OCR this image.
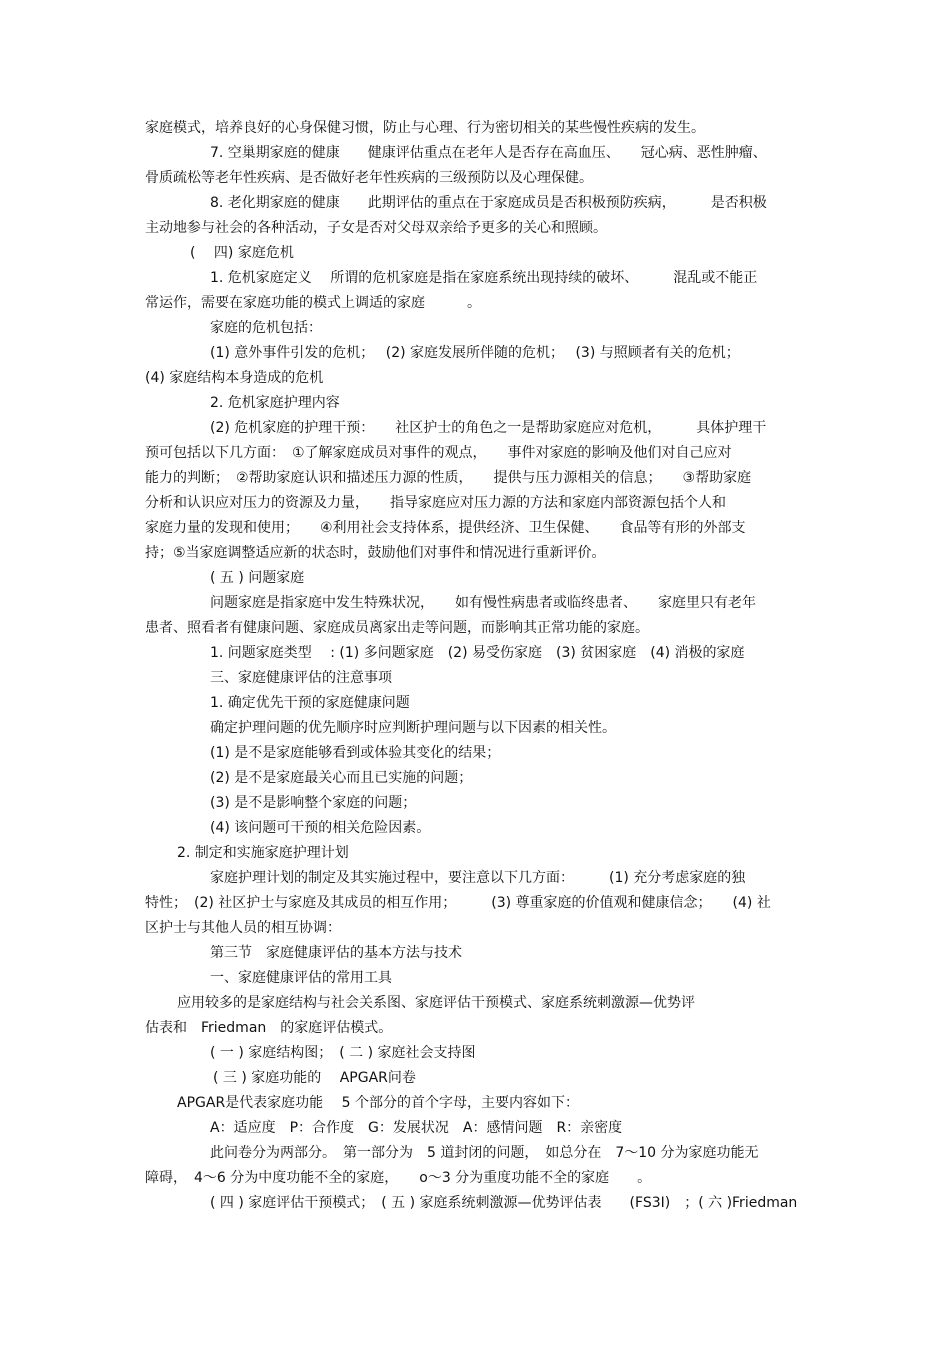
家庭模式，培养良好的心身保健习惯，防止与心理、行为密切相关的某些慢性疾病的发生。
7. 空巢期家庭的健康　　健康评估重点在老年人是否存在高血压、　　冠心病、恶性肿瘤、
骨质疏松等老年性疾病、是否做好老年性疾病的三级预防以及心理保健。
8. 老化期家庭的健康　　此期评估的重点在于家庭成员是否积极预防疾病，　　　是否积极
主动地参与社会的各种活动，子女是否对父母双亲给予更多的关心和照顾。
(　 四) 家庭危机
1. 危机家庭定义　 所谓的危机家庭是指在家庭系统出现持续的破坏、　　　混乱或不能正
常运作，需要在家庭功能的模式上调适的家庭　　　。
家庭的危机包括：
(1) 意外事件引发的危机；　 (2) 家庭发展所伴随的危机；　 (3) 与照顾者有关的危机；
(4) 家庭结构本身造成的危机
2. 危机家庭护理内容
(2) 危机家庭的护理干预：　　社区护士的角色之一是帮助家庭应对危机，　　　具体护理干
预可包括以下几方面：　①了解家庭成员对事件的观点，　　事件对家庭的影响及他们对自己应对
能力的判断；　②帮助家庭认识和描述压力源的性质，　　提供与压力源相关的信息；　　③帮助家庭
分析和认识应对压力的资源及力量，　　指导家庭应对压力源的方法和家庭内部资源包括个人和
家庭力量的发现和使用；　　④利用社会支持体系，提供经济、卫生保健、　　食品等有形的外部支
持；⑤当家庭调整适应新的状态时，鼓励他们对事件和情况进行重新评价。
( 五 ) 问题家庭
问题家庭是指家庭中发生特殊状况，　　如有慢性病患者或临终患者、　　家庭里只有老年
患者、照看者有健康问题、家庭成员离家出走等问题，而影响其正常功能的家庭。
1. 问题家庭类型　 : (1) 多问题家庭　(2) 易受伤家庭　(3) 贫困家庭　(4) 消极的家庭
三、家庭健康评估的注意事项
1. 确定优先干预的家庭健康问题
确定护理问题的优先顺序时应判断护理问题与以下因素的相关性。
(1) 是不是家庭能够看到或体验其变化的结果；
(2) 是不是家庭最关心而且已实施的问题；
(3) 是不是影响整个家庭的问题；
(4) 该问题可干预的相关危险因素。
2. 制定和实施家庭护理计划
家庭护理计划的制定及其实施过程中，要注意以下几方面：　　　(1) 充分考虑家庭的独
特性；　(2) 社区护士与家庭及其成员的相互作用；　　　(3) 尊重家庭的价值观和健康信念；　　(4) 社
区护士与其他人员的相互协调：
第三节　家庭健康评估的基本方法与技术
一、家庭健康评估的常用工具
应用较多的是家庭结构与社会关系图、家庭评估干预模式、家庭系统刺激源—优势评
估表和　Friedman　的家庭评估模式。
( 一 ) 家庭结构图；　( 二 ) 家庭社会支持图
( 三 ) 家庭功能的　 APGAR问卷
APGAR是代表家庭功能　 5 个部分的首个字母，主要内容如下：
A：适应度　P：合作度　G：发展状况　A：感情问题　R：亲密度
此问卷分为两部分。　第一部分为　5 道封闭的问题，　如总分在　7～10 分为家庭功能无
障碍，　4～6 分为中度功能不全的家庭，　　o～3 分为重度功能不全的家庭　　。
( 四 ) 家庭评估干预模式；　( 五 ) 家庭系统刺激源—优势评估表　　(FS3I)　；( 六 )Friedman
